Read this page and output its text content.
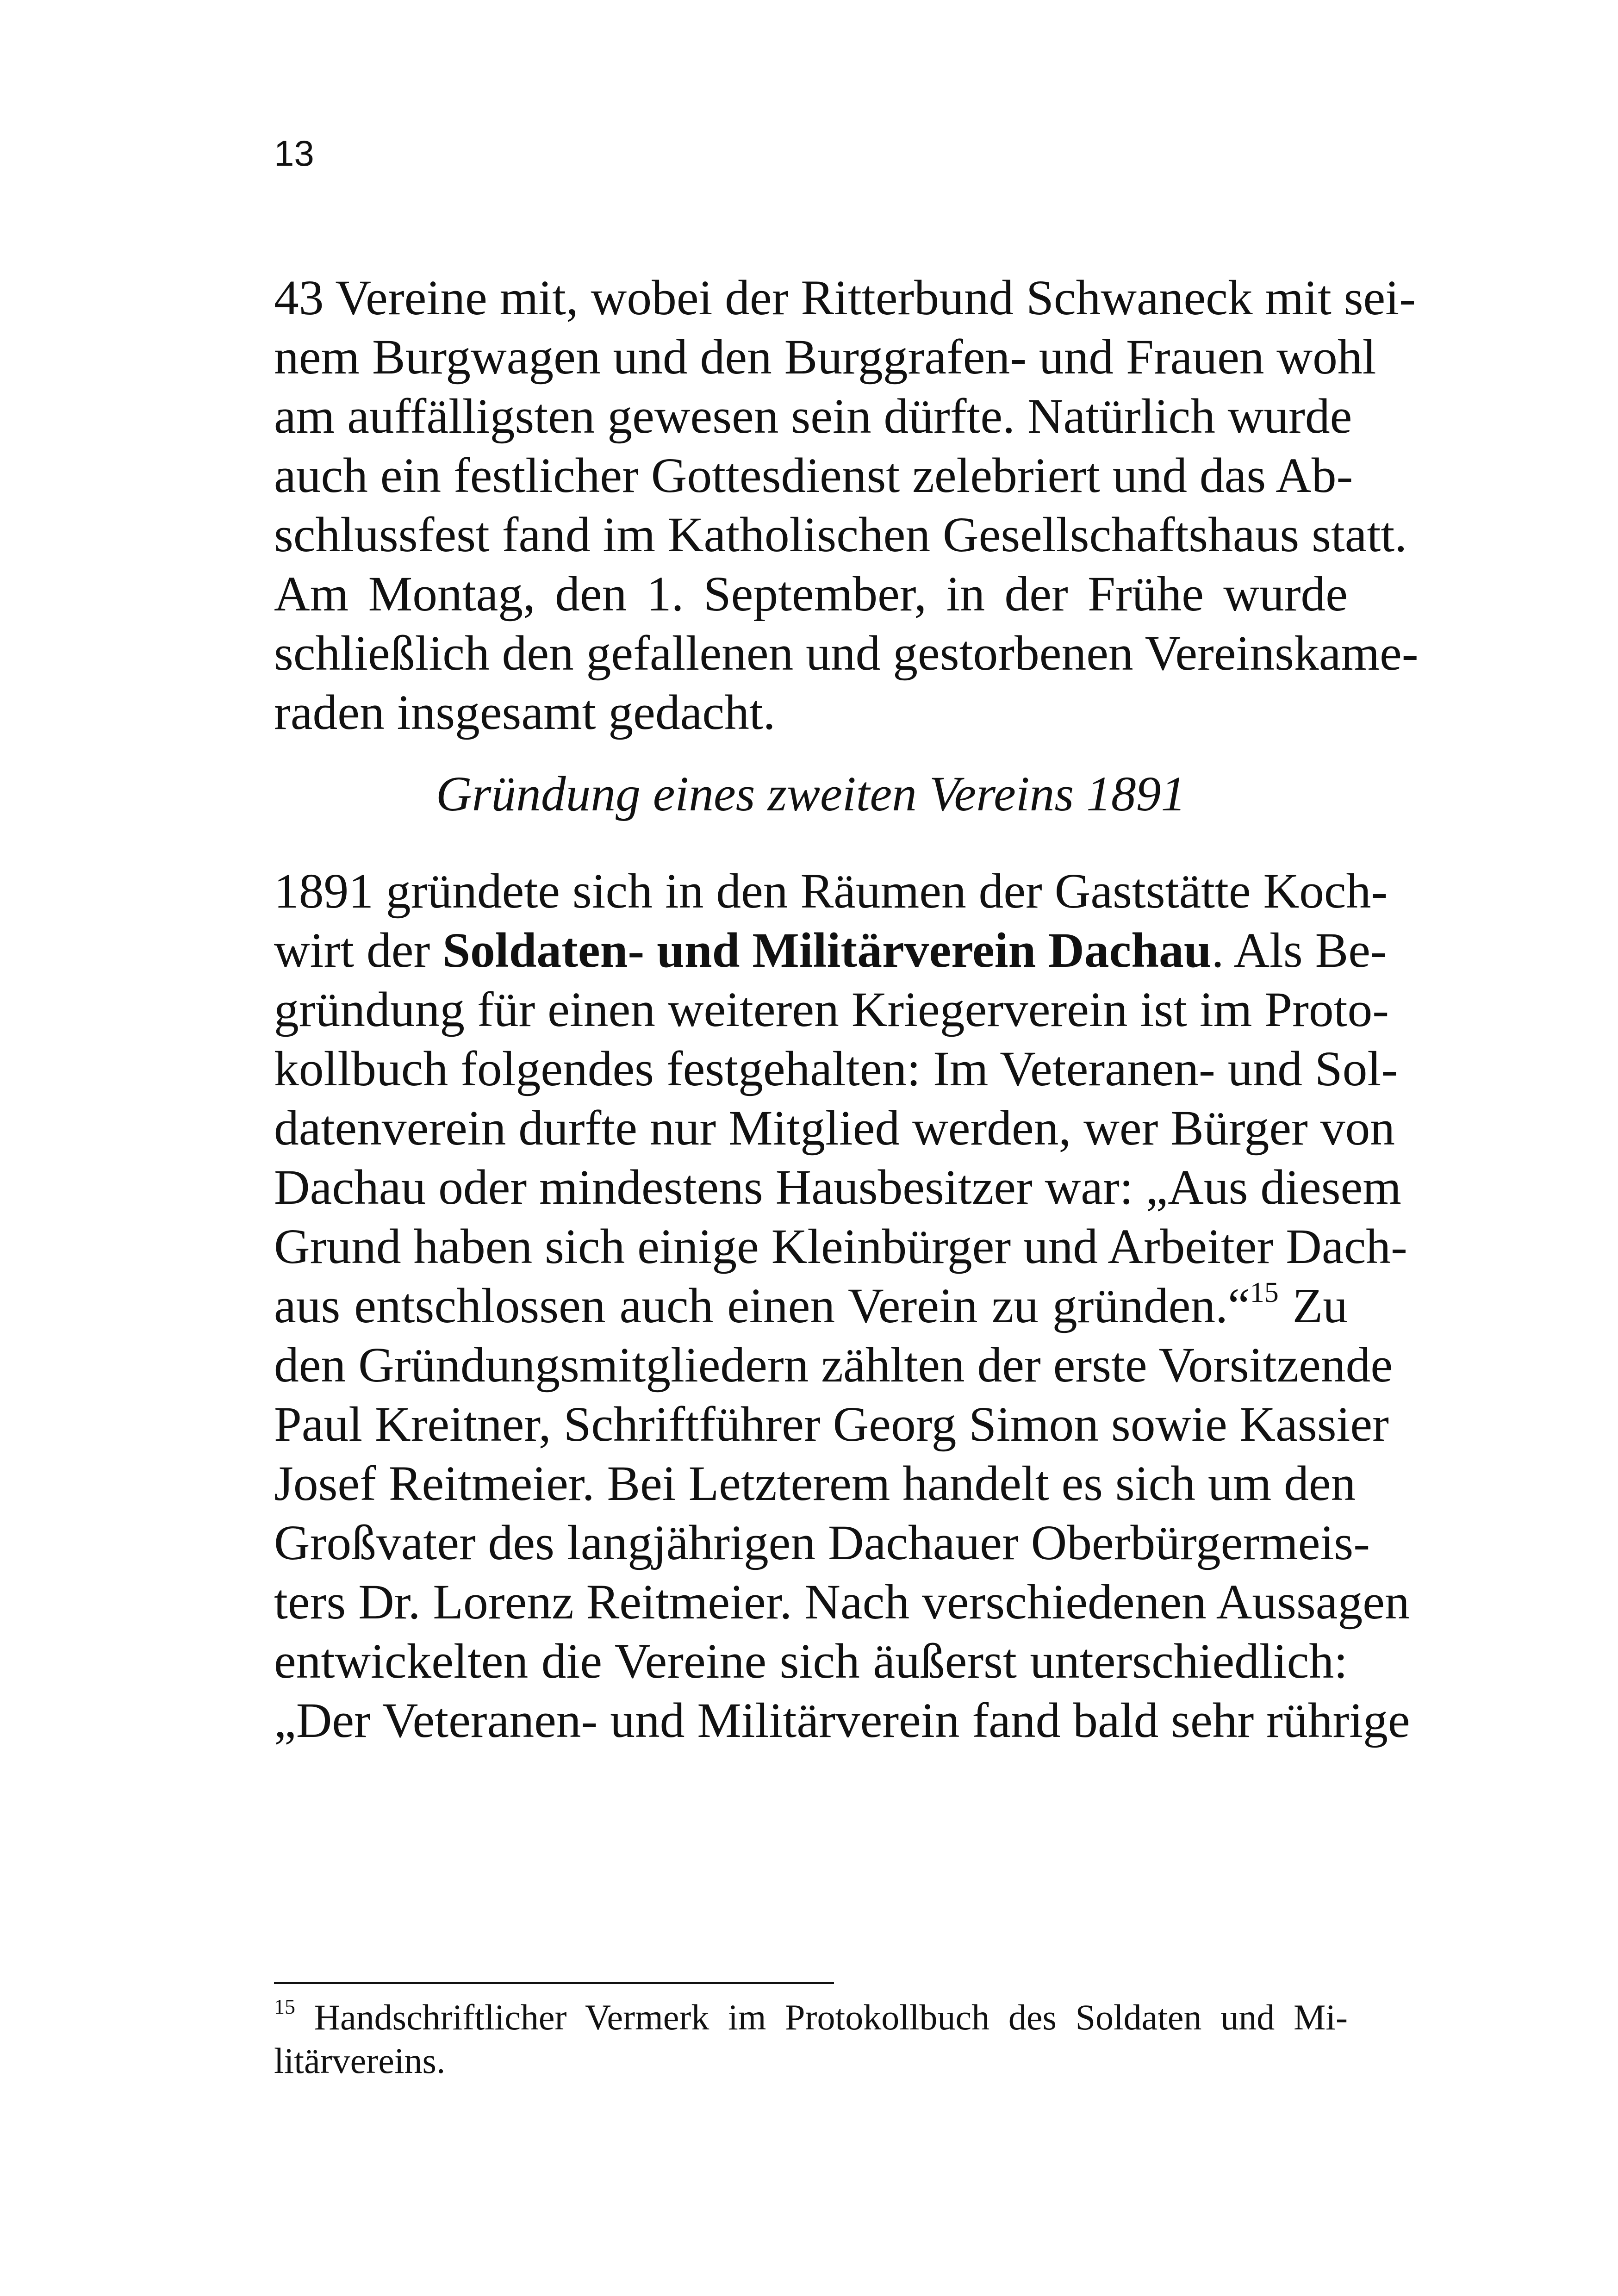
13
43 Vereine mit, wobei der Ritterbund Schwaneck mit sei-
nem Burgwagen und den Burggrafen- und Frauen wohl
am auffälligsten gewesen sein dürfte. Natürlich wurde
auch ein festlicher Gottesdienst zelebriert und das Ab-
schlussfest fand im Katholischen Gesellschaftshaus statt.
Am Montag, den 1. September, in der Frühe wurde
schließlich den gefallenen und gestorbenen Vereinskame-
raden insgesamt gedacht.
Gründung eines zweiten Vereins 1891
1891 gründete sich in den Räumen der Gaststätte Koch-
wirt der Soldaten- und Militärverein Dachau. Als Be-
gründung für einen weiteren Kriegerverein ist im Proto-
kollbuch folgendes festgehalten: Im Veteranen- und Sol-
datenverein durfte nur Mitglied werden, wer Bürger von
Dachau oder mindestens Hausbesitzer war: „Aus diesem
Grund haben sich einige Kleinbürger und Arbeiter Dach-
aus entschlossen auch einen Verein zu gründen.“$^{15}$ Zu
den Gründungsmitgliedern zählten der erste Vorsitzende
Paul Kreitner, Schriftführer Georg Simon sowie Kassier
Josef Reitmeier. Bei Letzterem handelt es sich um den
Großvater des langjährigen Dachauer Oberbürgermeis-
ters Dr. Lorenz Reitmeier. Nach verschiedenen Aussagen
entwickelten die Vereine sich äußerst unterschiedlich:
„Der Veteranen- und Militärverein fand bald sehr rührige
$^{15}$ Handschriftlicher Vermerk im Protokollbuch des Soldaten und Mi-
litärvereins.
